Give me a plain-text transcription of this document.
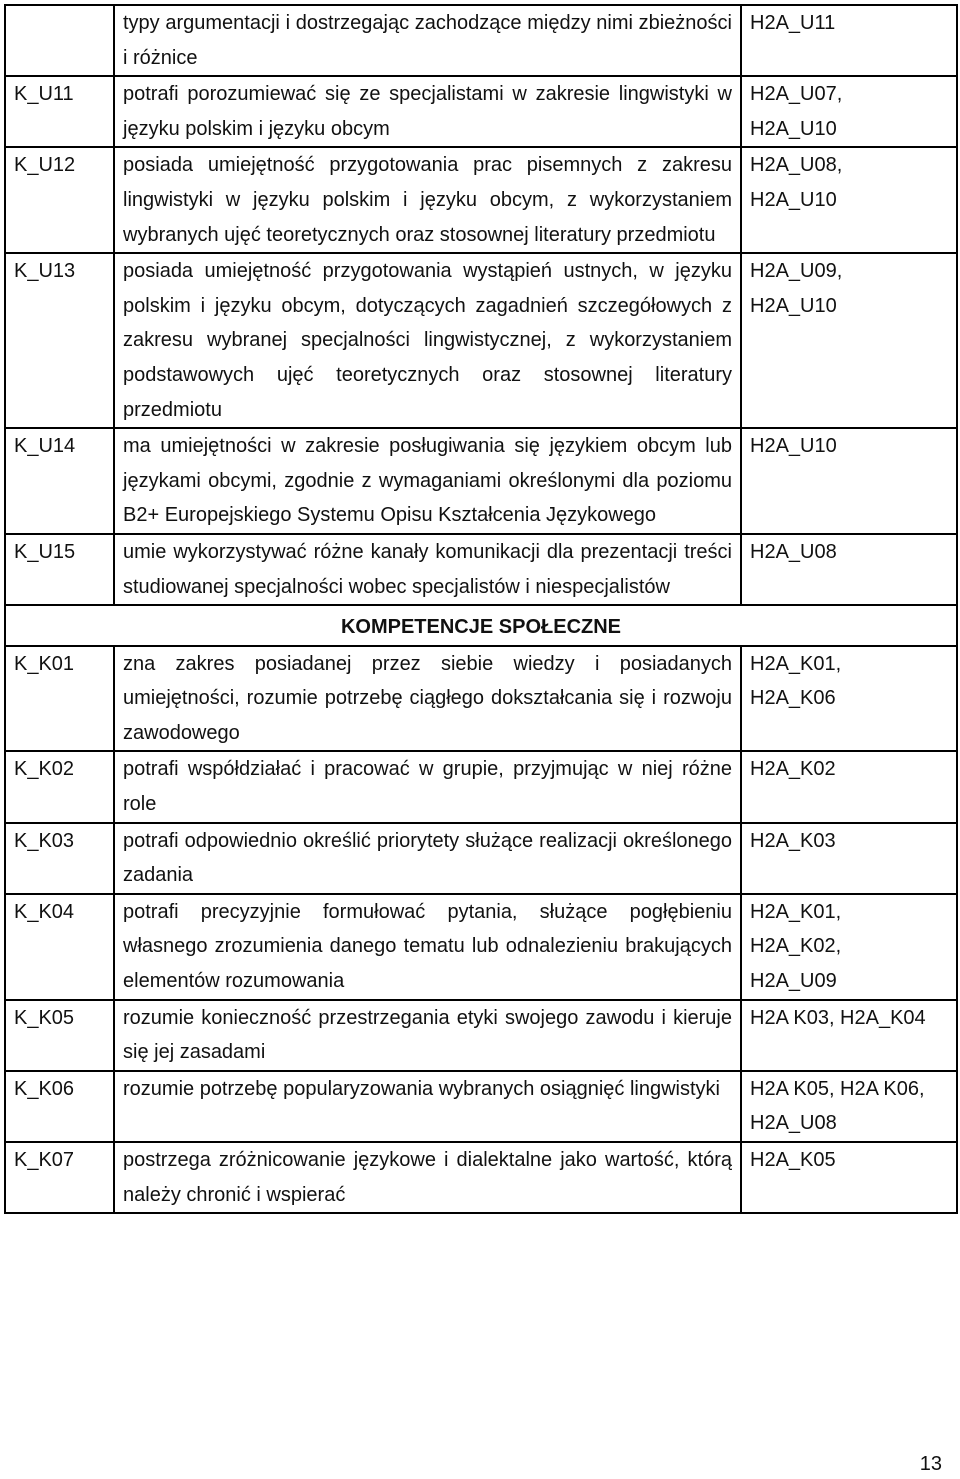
	typy argumentacji i dostrzegając zachodzące między nimi zbieżności i różnice	H2A_U11

K_U11	potrafi porozumiewać się ze specjalistami w zakresie lingwistyki w języku polskim i języku obcym	H2A_U07,
H2A_U10

K_U12	posiada umiejętność przygotowania prac pisemnych z zakresu lingwistyki w języku polskim i języku obcym, z wykorzystaniem wybranych ujęć teoretycznych oraz stosownej literatury przedmiotu	H2A_U08,
H2A_U10

K_U13	posiada umiejętność przygotowania wystąpień ustnych, w języku polskim i języku obcym, dotyczących zagadnień szczegółowych z zakresu wybranej specjalności lingwistycznej, z wykorzystaniem podstawowych ujęć teoretycznych oraz stosownej literatury przedmiotu	H2A_U09,
H2A_U10

K_U14	ma umiejętności w zakresie posługiwania się językiem obcym lub językami obcymi, zgodnie z wymaganiami określonymi dla poziomu B2+ Europejskiego Systemu Opisu Kształcenia Językowego	H2A_U10

K_U15	umie wykorzystywać różne kanały komunikacji dla prezentacji treści studiowanej specjalności wobec specjalistów i niespecjalistów	H2A_U08

KOMPETENCJE SPOŁECZNE		
K_K01	zna zakres posiadanej przez siebie wiedzy i posiadanych umiejętności, rozumie potrzebę ciągłego dokształcania się i rozwoju zawodowego	H2A_K01,
H2A_K06

K_K02	potrafi współdziałać i pracować w grupie, przyjmując w niej różne role	H2A_K02

K_K03	potrafi odpowiednio określić priorytety służące realizacji określonego zadania	H2A_K03

K_K04	potrafi precyzyjnie formułować pytania, służące pogłębieniu własnego zrozumienia danego tematu lub odnalezieniu brakujących elementów rozumowania	H2A_K01,
H2A_K02,
H2A_U09

K_K05	rozumie konieczność przestrzegania etyki swojego zawodu i kieruje się jej zasadami	H2A K03, H2A_K04

K_K06	rozumie potrzebę popularyzowania wybranych osiągnięć lingwistyki	H2A K05, H2A K06,
H2A_U08

K_K07	postrzega zróżnicowanie językowe i dialektalne jako wartość, którą należy chronić i wspierać	H2A_K05
13
